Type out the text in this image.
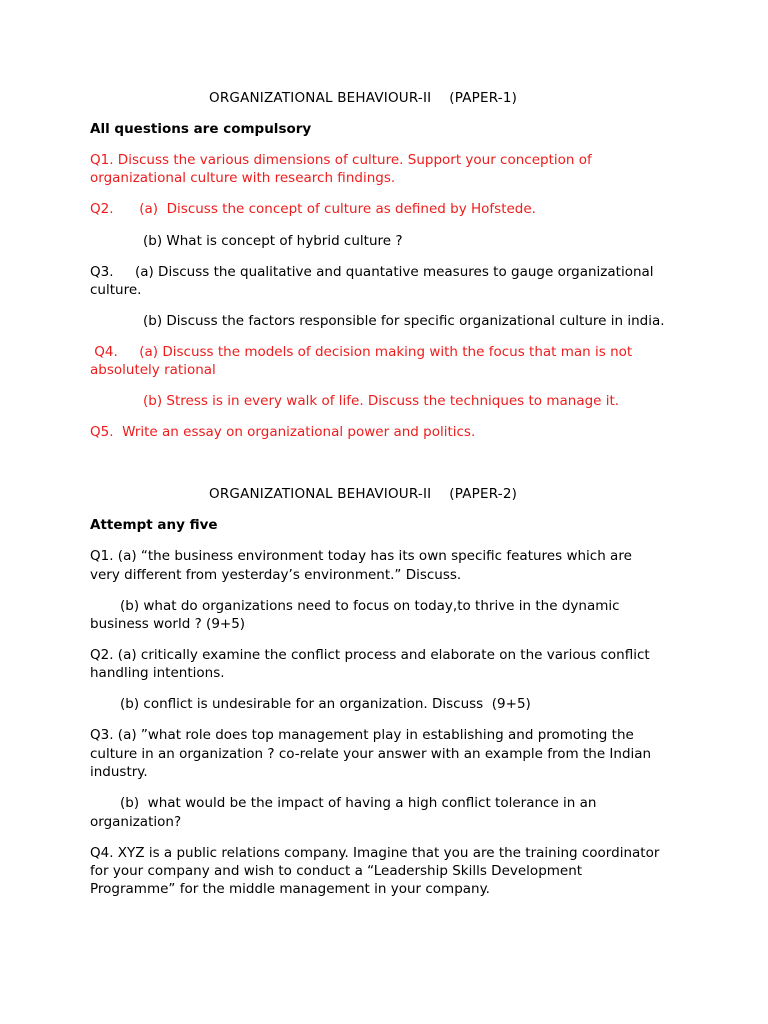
ORGANIZATIONAL BEHAVIOUR-II    (PAPER-1)

All questions are compulsory

Q1. Discuss the various dimensions of culture. Support your conception of

organizational culture with research findings.

Q2.      (a)  Discuss the concept of culture as defined by Hofstede.

(b) What is concept of hybrid culture ?

Q3.     (a) Discuss the qualitative and quantative measures to gauge organizational

culture.

(b) Discuss the factors responsible for specific organizational culture in india.

Q4.     (a) Discuss the models of decision making with the focus that man is not

absolutely rational

(b) Stress is in every walk of life. Discuss the techniques to manage it.

Q5.  Write an essay on organizational power and politics.

ORGANIZATIONAL BEHAVIOUR-II    (PAPER-2)

Attempt any five

Q1. (a) “the business environment today has its own specific features which are

very different from yesterday’s environment.” Discuss.

(b) what do organizations need to focus on today,to thrive in the dynamic

business world ? (9+5)

Q2. (a) critically examine the conflict process and elaborate on the various conflict

handling intentions.

(b) conflict is undesirable for an organization. Discuss  (9+5)

Q3. (a) ”what role does top management play in establishing and promoting the

culture in an organization ? co-relate your answer with an example from the Indian

industry.

(b)  what would be the impact of having a high conflict tolerance in an

organization?

Q4. XYZ is a public relations company. Imagine that you are the training coordinator

for your company and wish to conduct a “Leadership Skills Development

Programme” for the middle management in your company.
